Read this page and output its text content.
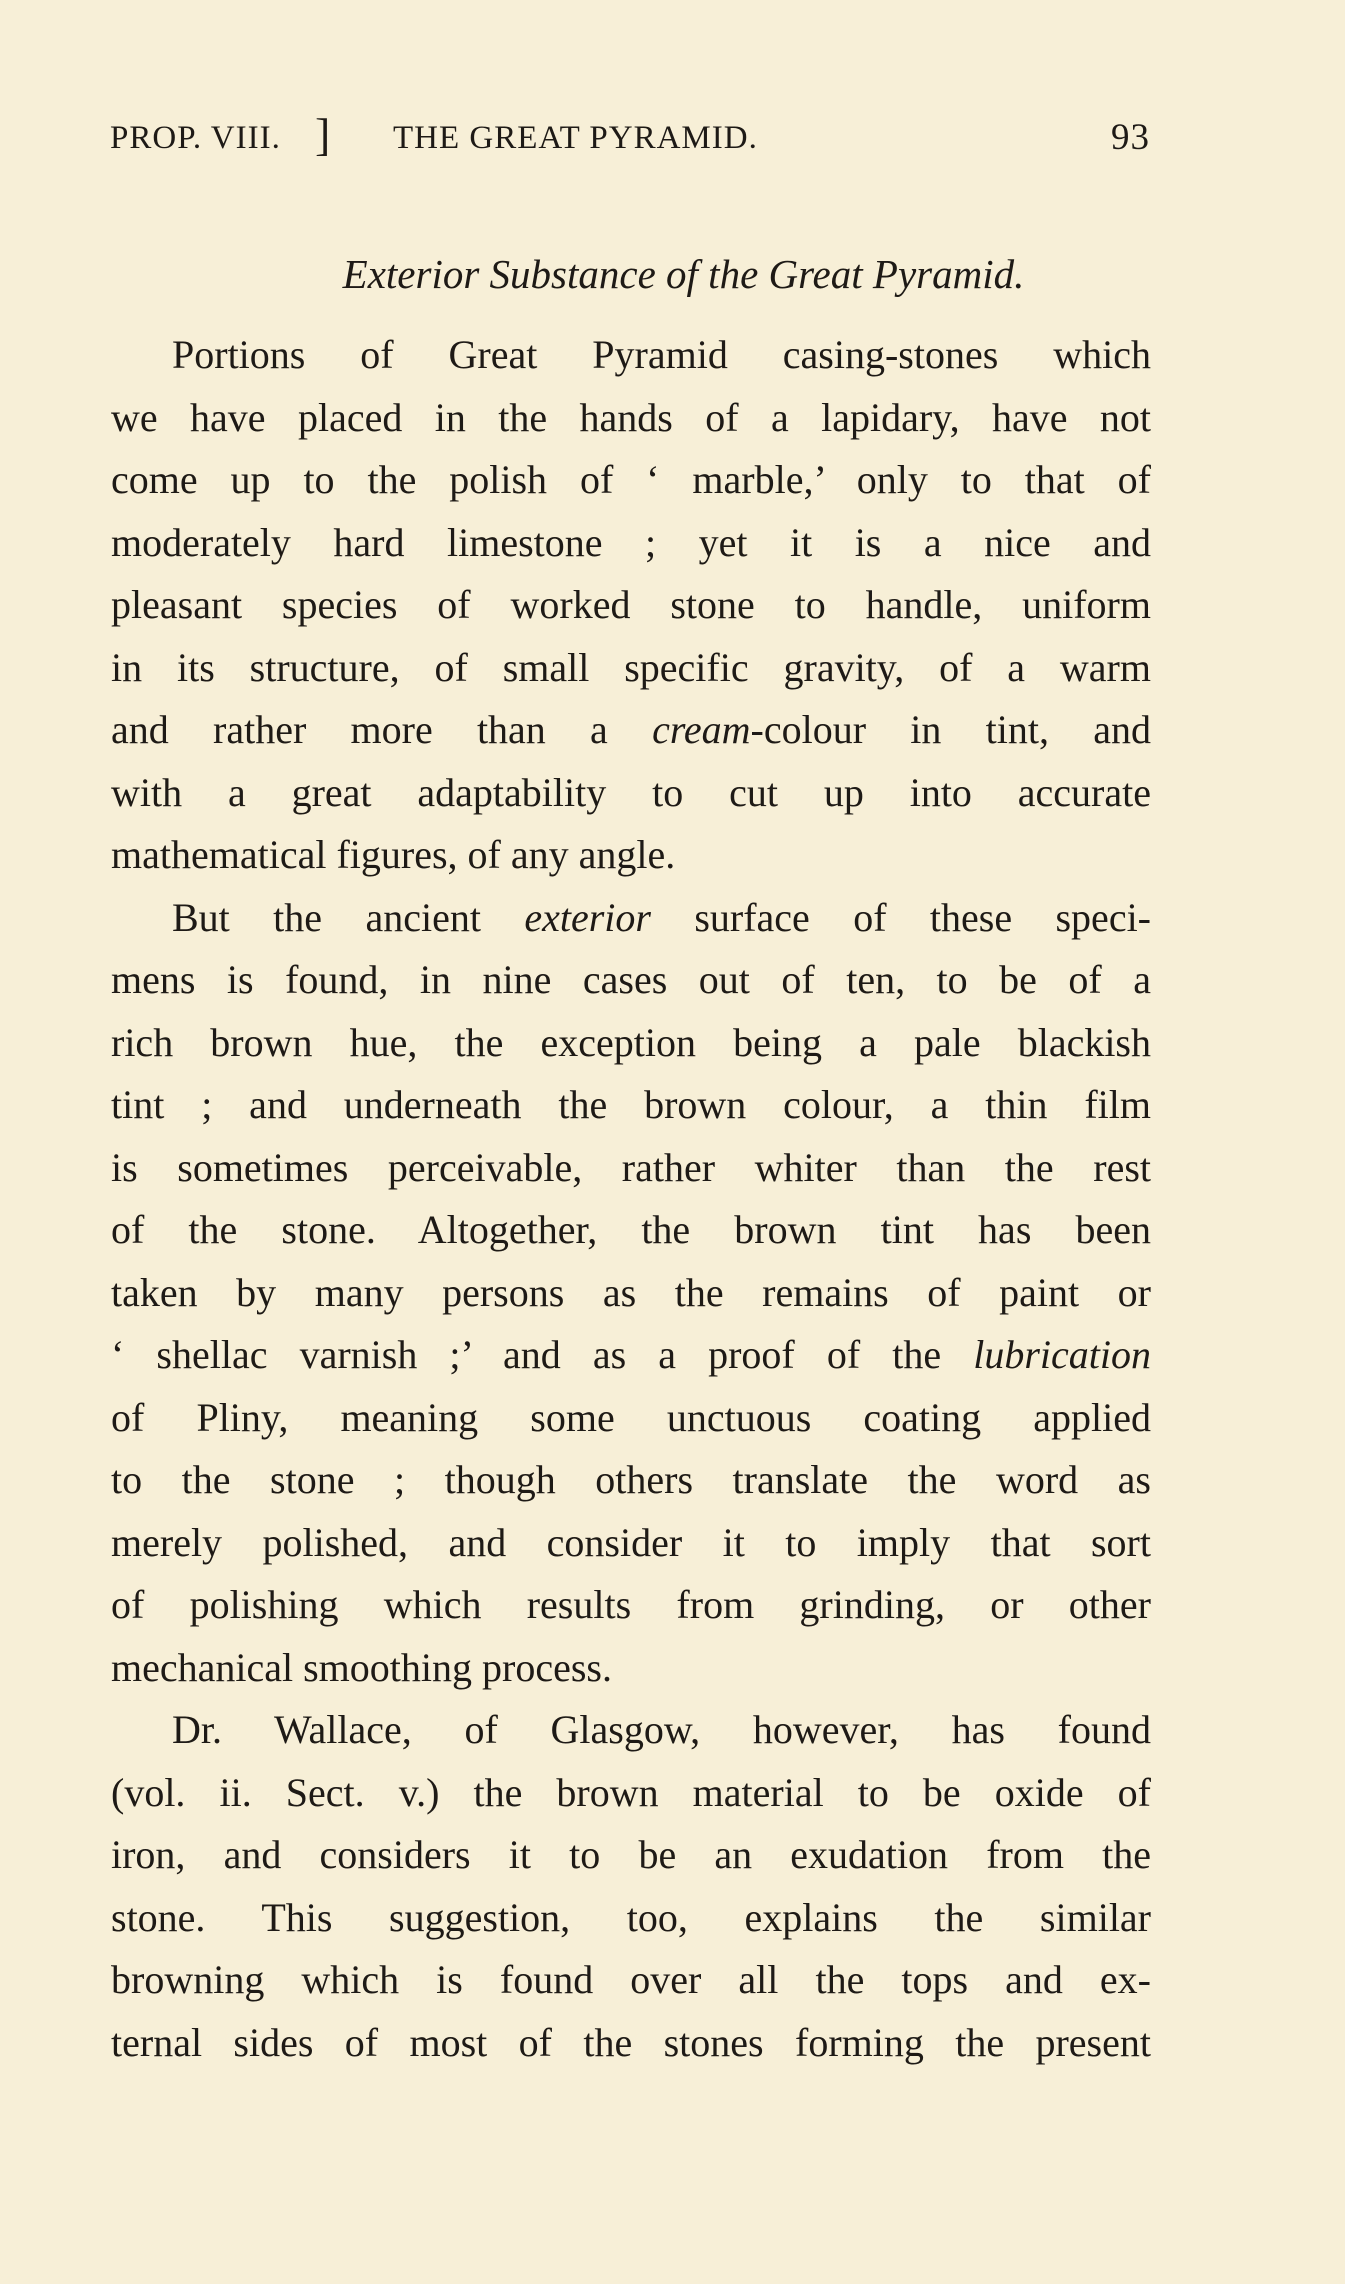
PROP. VIII. ] THE GREAT PYRAMID.	93
Exterior Substance of the Great Pyramid.
Portions of Great Pyramid casing-stones which
we have placed in the hands of a lapidary, have not
come up to the polish of ‘ marble,’ only to that of
moderately hard limestone ; yet it is a nice and
pleasant species of worked stone to handle, uniform
in its structure, of small specific gravity, of a warm
and rather more than a cream-colour in tint, and
with a great adaptability to cut up into accurate
mathematical figures, of any angle.
But the ancient exterior surface of these speci-
mens is found, in nine cases out of ten, to be of a
rich brown hue, the exception being a pale blackish
tint ; and underneath the brown colour, a thin film
is sometimes perceivable, rather whiter than the rest
of the stone. Altogether, the brown tint has been
taken by many persons as the remains of paint or
‘ shellac varnish ;’ and as a proof of the lubrication
of Pliny, meaning some unctuous coating applied
to the stone ; though others translate the word as
merely polished, and consider it to imply that sort
of polishing which results from grinding, or other
mechanical smoothing process.
Dr. Wallace, of Glasgow, however, has found
(vol. ii. Sect. v.) the brown material to be oxide of
iron, and considers it to be an exudation from the
stone. This suggestion, too, explains the similar
browning which is found over all the tops and ex-
ternal sides of most of the stones forming the present
